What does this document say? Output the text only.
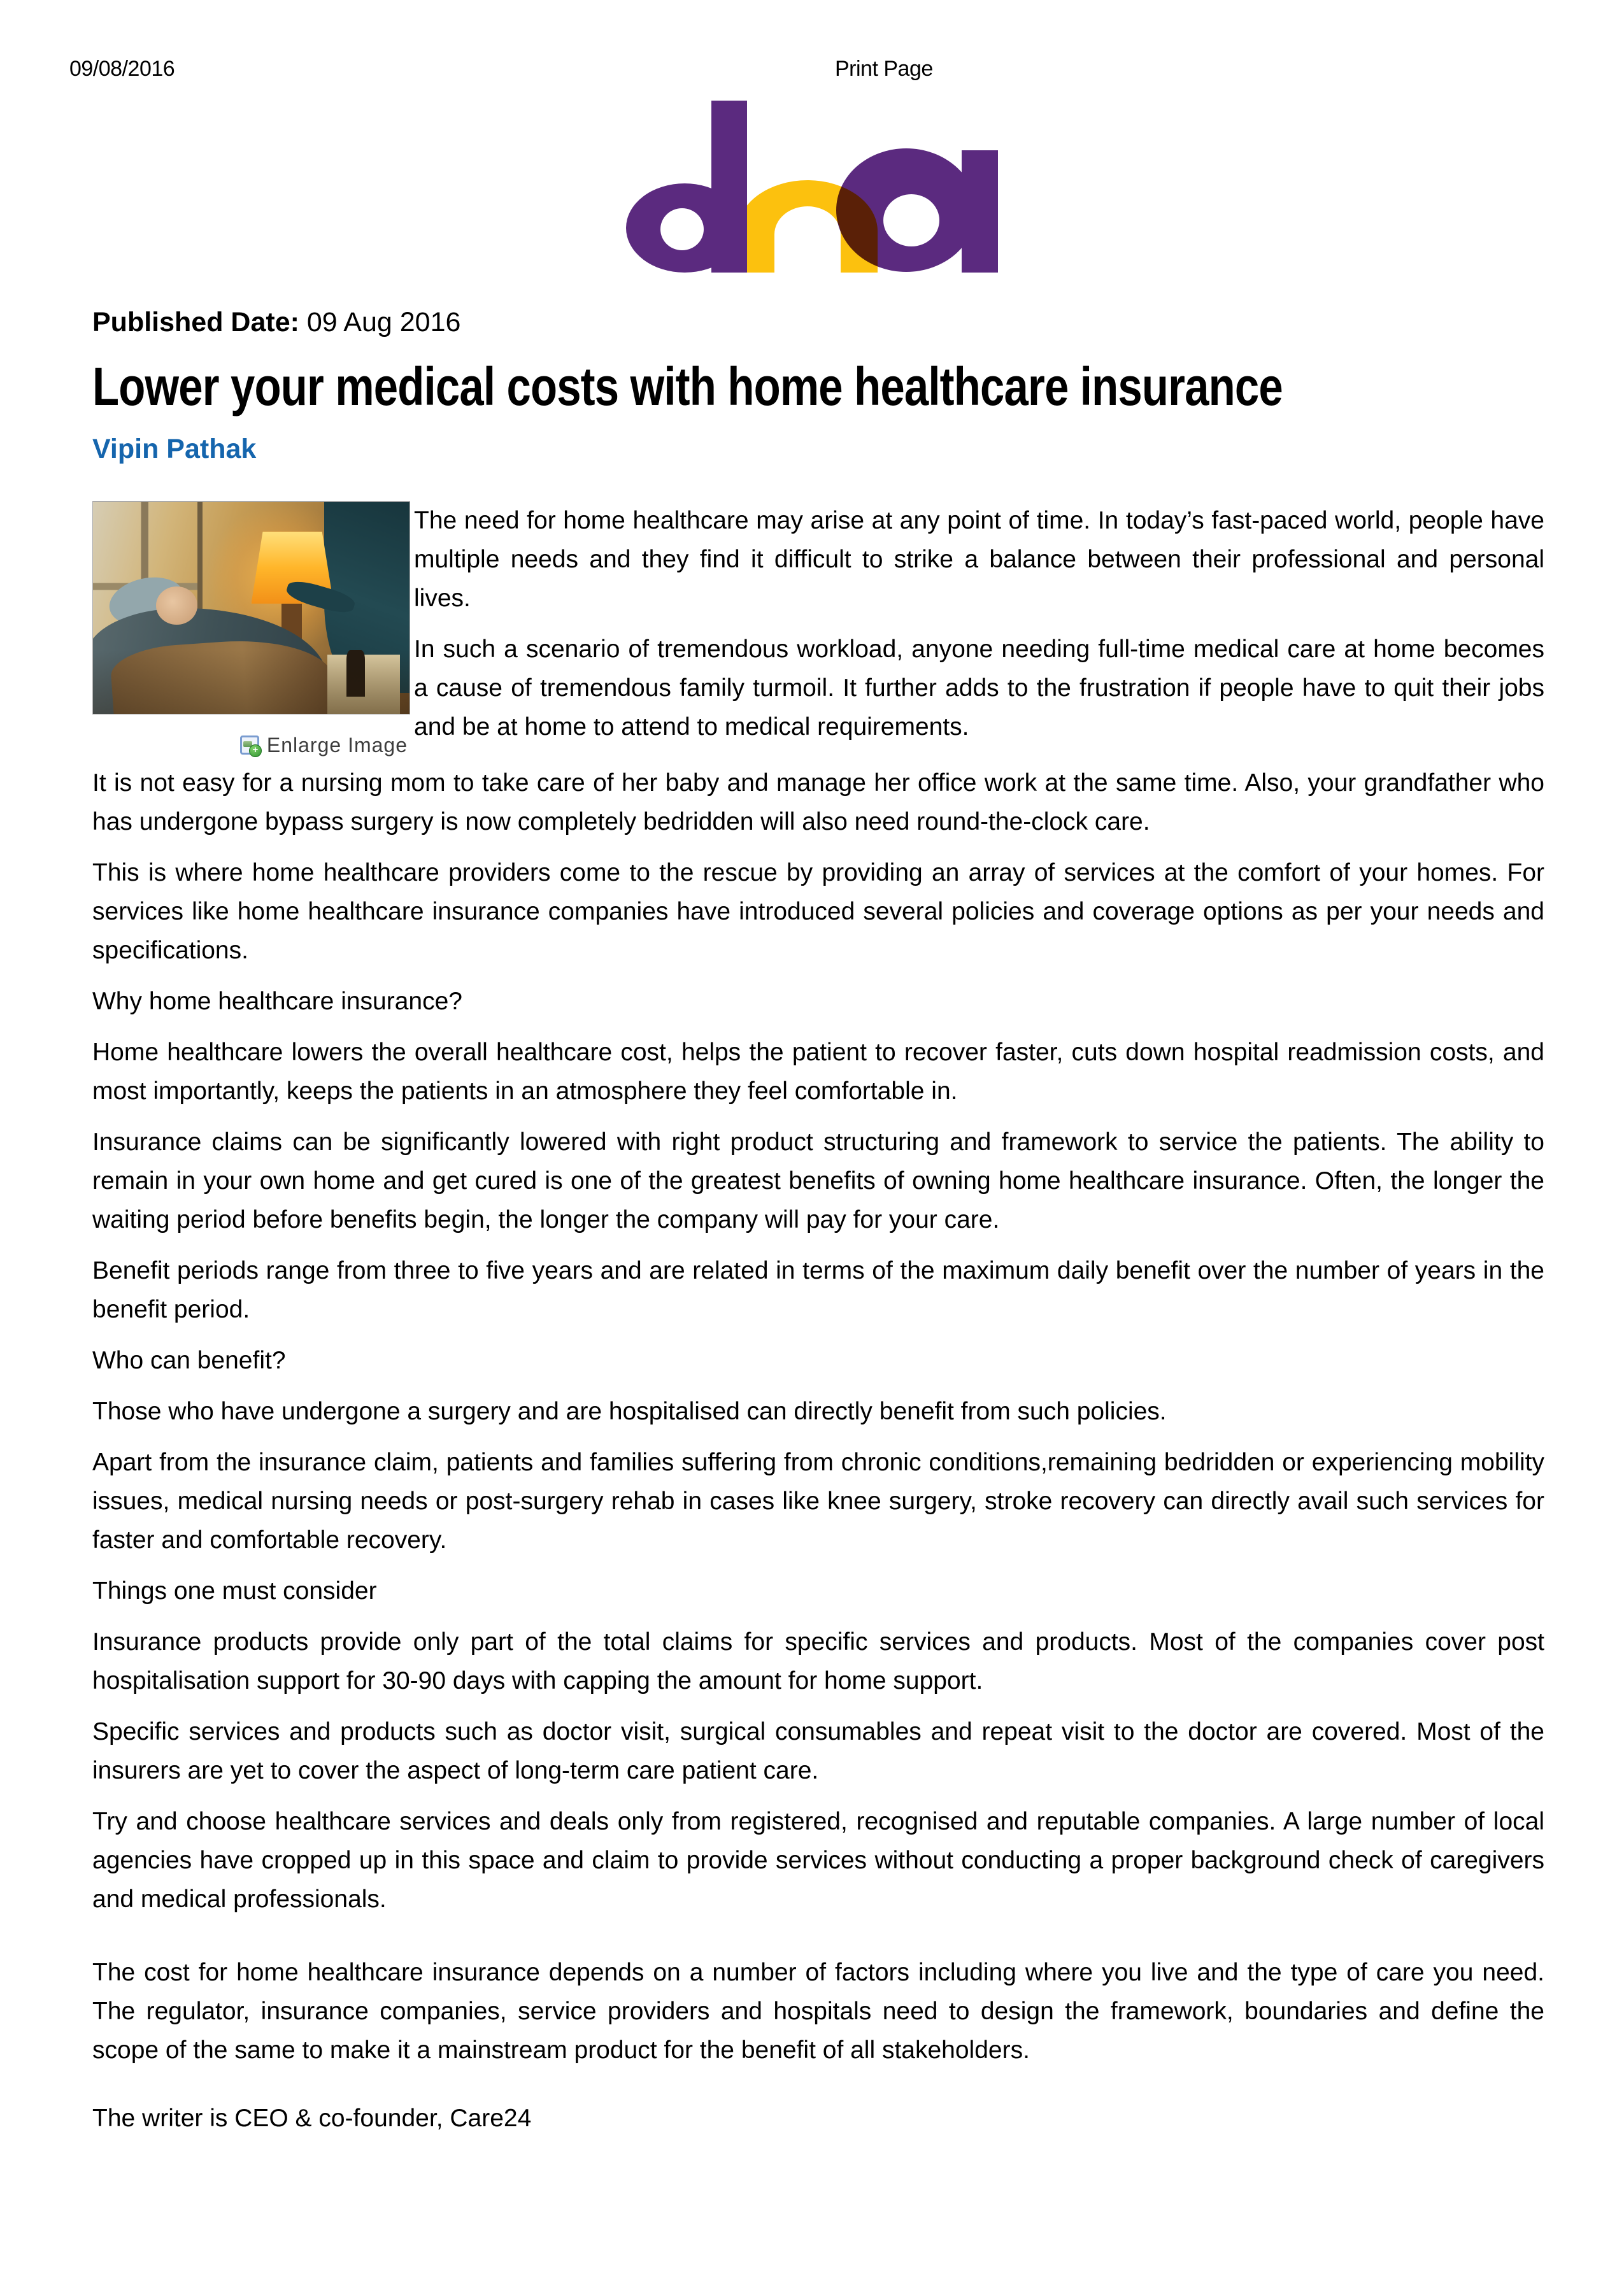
09/08/2016	Print Page
Published Date: 09 Aug 2016
Lower your medical costs with home healthcare insurance
Vipin Pathak
+ Enlarge Image

The need for home healthcare may arise at any point of time. In today’s fast-paced world, people have multiple needs and they find it difficult to strike a balance between their professional and personal lives.

In such a scenario of tremendous workload, anyone needing full-time medical care at home becomes a cause of tremendous family turmoil. It further adds to the frustration if people have to quit their jobs and be at home to attend to medical requirements.

It is not easy for a nursing mom to take care of her baby and manage her office work at the same time. Also, your grandfather who has undergone bypass surgery is now completely bedridden will also need round-the-clock care.

This is where home healthcare providers come to the rescue by providing an array of services at the comfort of your homes. For services like home healthcare insurance companies have introduced several policies and coverage options as per your needs and specifications.

Why home healthcare insurance?

Home healthcare lowers the overall healthcare cost, helps the patient to recover faster, cuts down hospital readmission costs, and most importantly, keeps the patients in an atmosphere they feel comfortable in.

Insurance claims can be significantly lowered with right product structuring and framework to service the patients. The ability to remain in your own home and get cured is one of the greatest benefits of owning home healthcare insurance. Often, the longer the waiting period before benefits begin, the longer the company will pay for your care.

Benefit periods range from three to five years and are related in terms of the maximum daily benefit over the number of years in the benefit period.

Who can benefit?

Those who have undergone a surgery and are hospitalised can directly benefit from such policies.

Apart from the insurance claim, patients and families suffering from chronic conditions,remaining bedridden or experiencing mobility issues, medical nursing needs or post-surgery rehab in cases like knee surgery, stroke recovery can directly avail such services for faster and comfortable recovery.

Things one must consider

Insurance products provide only part of the total claims for specific services and products. Most of the companies cover post hospitalisation support for 30-90 days with capping the amount for home support.

Specific services and products such as doctor visit, surgical consumables and repeat visit to the doctor are covered. Most of the insurers are yet to cover the aspect of long-term care patient care.

Try and choose healthcare services and deals only from registered, recognised and reputable companies. A large number of local agencies have cropped up in this space and claim to provide services without conducting a proper background check of caregivers and medical professionals.

The cost for home healthcare insurance depends on a number of factors including where you live and the type of care you need. The regulator, insurance companies, service providers and hospitals need to design the framework, boundaries and define the scope of the same to make it a mainstream product for the benefit of all stakeholders.

The writer is CEO & co-founder, Care24
